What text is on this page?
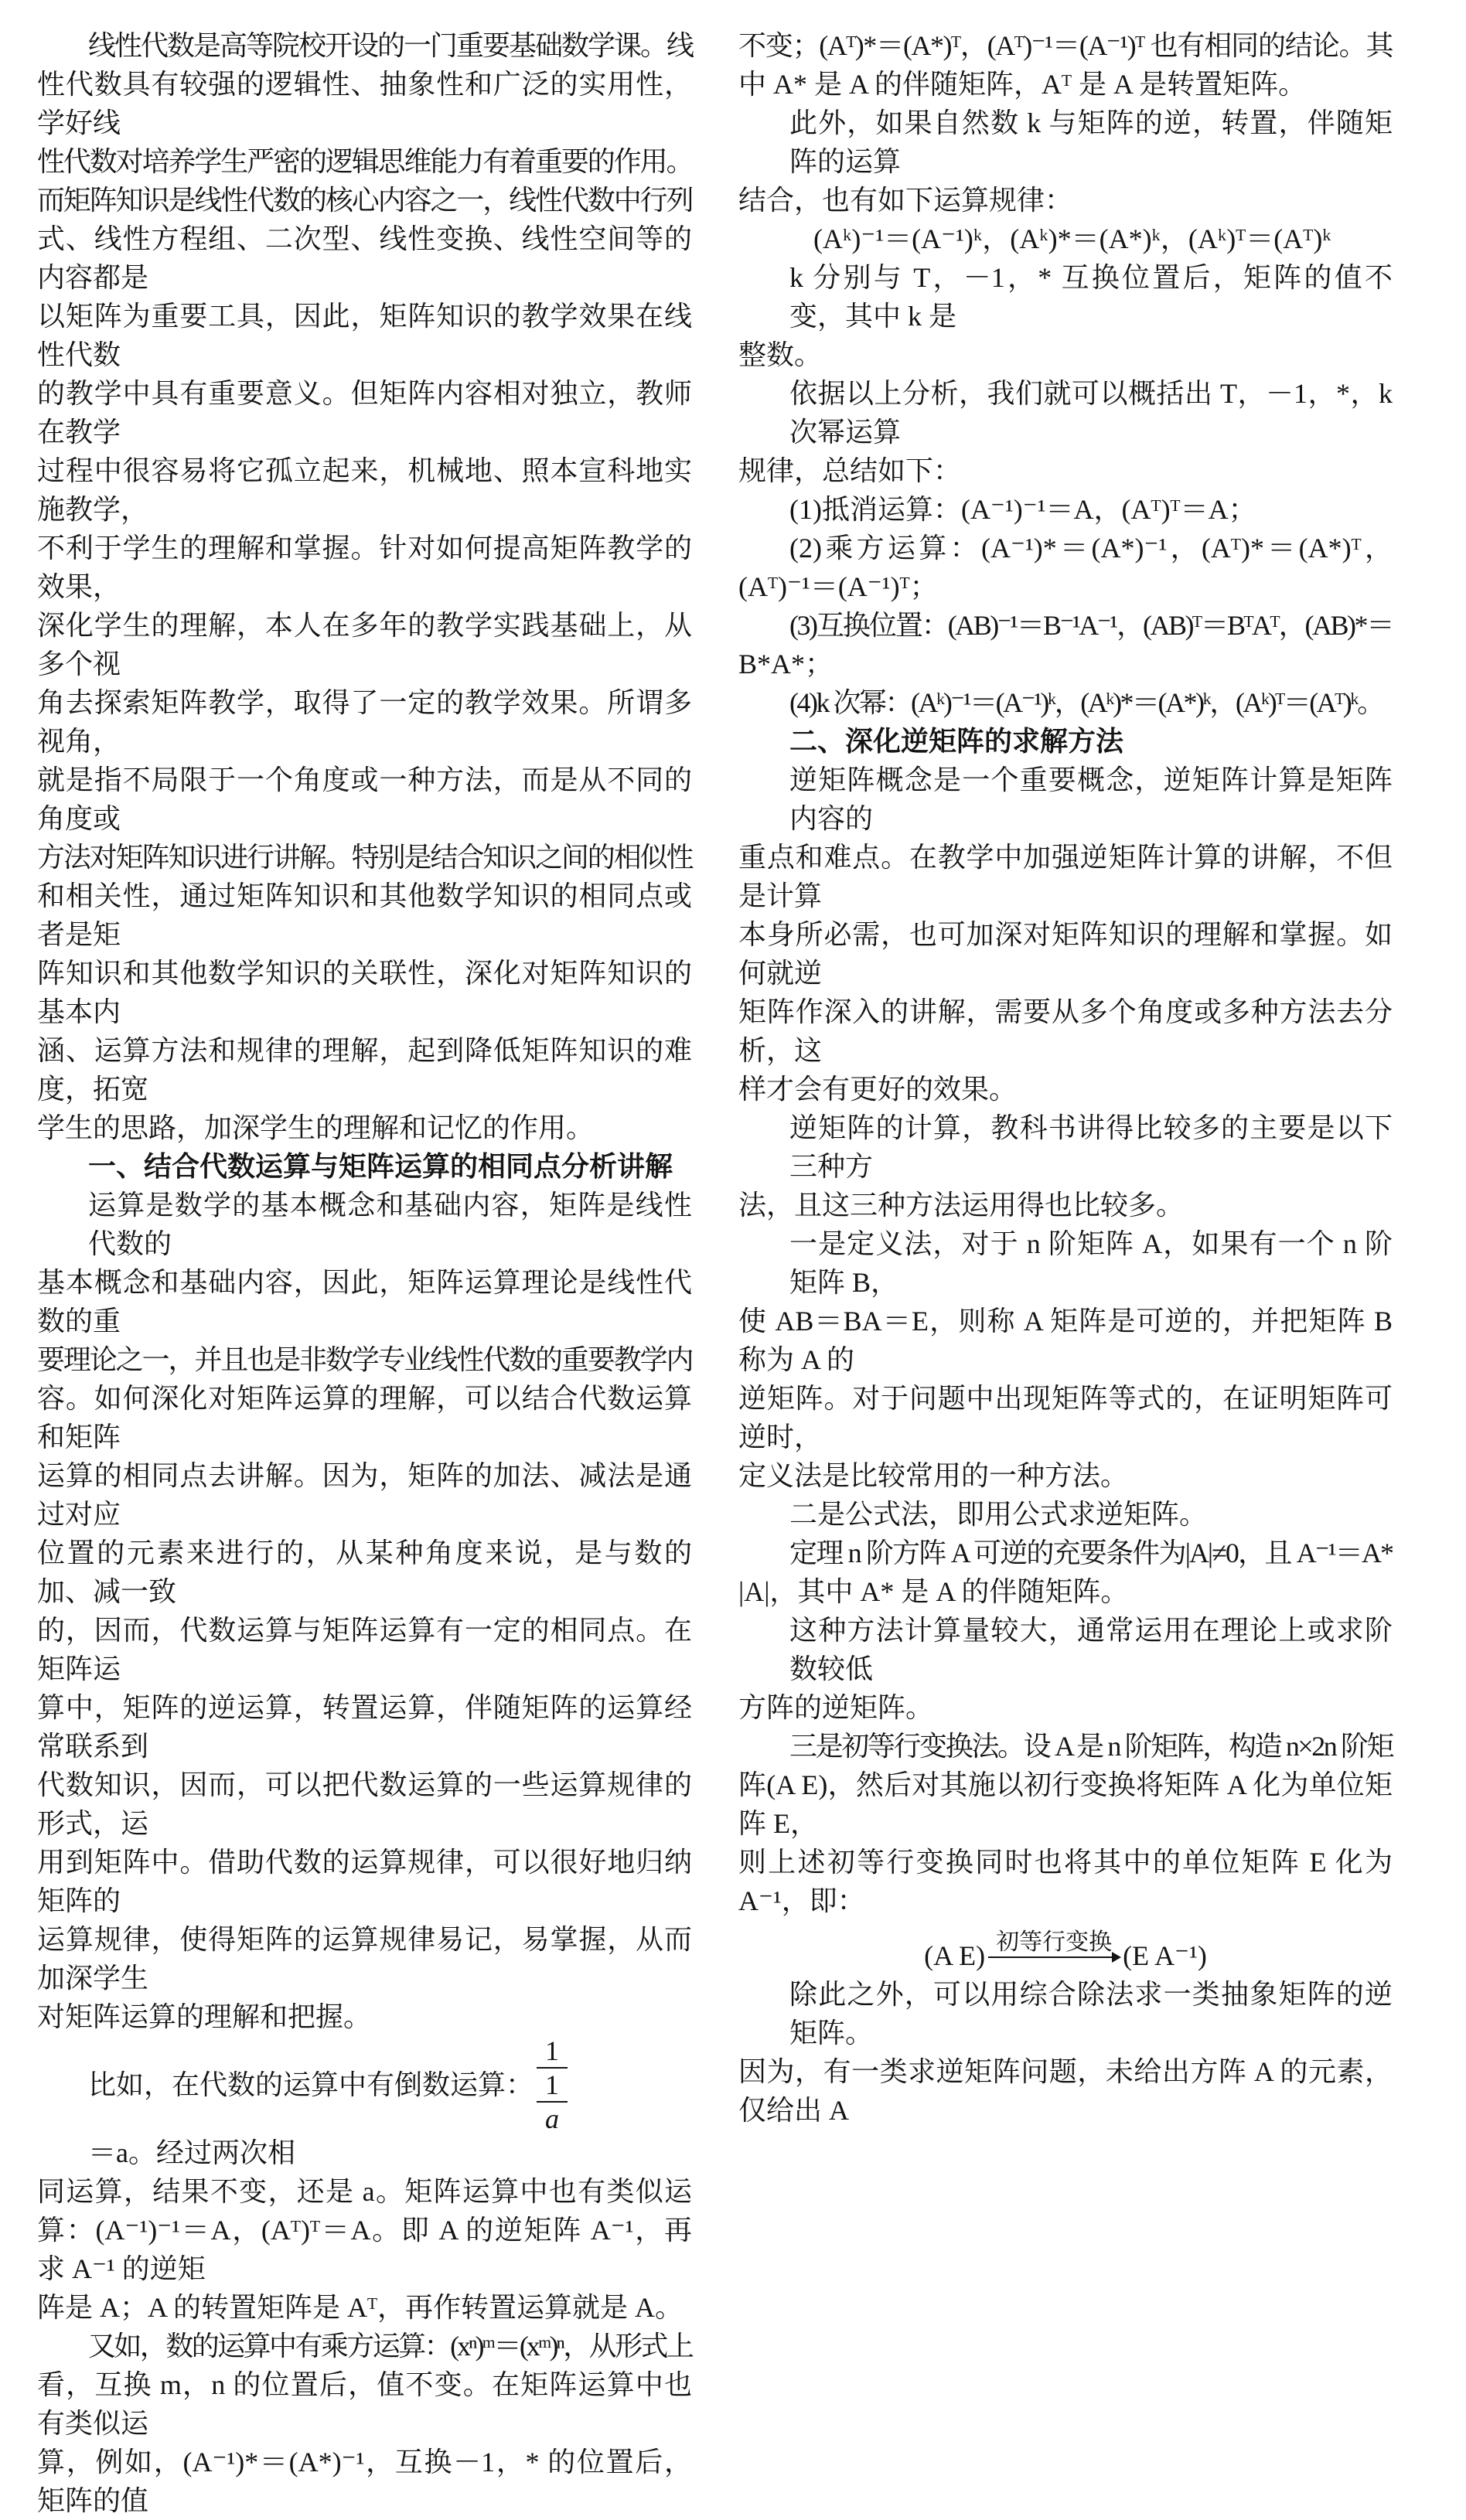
线性代数是高等院校开设的一门重要基础数学课。线
性代数具有较强的逻辑性、抽象性和广泛的实用性，学好线
性代数对培养学生严密的逻辑思维能力有着重要的作用。
而矩阵知识是线性代数的核心内容之一，线性代数中行列
式、线性方程组、二次型、线性变换、线性空间等的内容都是
以矩阵为重要工具，因此，矩阵知识的教学效果在线性代数
的教学中具有重要意义。但矩阵内容相对独立，教师在教学
过程中很容易将它孤立起来，机械地、照本宣科地实施教学，
不利于学生的理解和掌握。针对如何提高矩阵教学的效果，
深化学生的理解，本人在多年的教学实践基础上，从多个视
角去探索矩阵教学，取得了一定的教学效果。所谓多视角，
就是指不局限于一个角度或一种方法，而是从不同的角度或
方法对矩阵知识进行讲解。特别是结合知识之间的相似性
和相关性，通过矩阵知识和其他数学知识的相同点或者是矩
阵知识和其他数学知识的关联性，深化对矩阵知识的基本内
涵、运算方法和规律的理解，起到降低矩阵知识的难度，拓宽
学生的思路，加深学生的理解和记忆的作用。
一、结合代数运算与矩阵运算的相同点分析讲解
运算是数学的基本概念和基础内容，矩阵是线性代数的
基本概念和基础内容，因此，矩阵运算理论是线性代数的重
要理论之一，并且也是非数学专业线性代数的重要教学内
容。如何深化对矩阵运算的理解，可以结合代数运算和矩阵
运算的相同点去讲解。因为，矩阵的加法、减法是通过对应
位置的元素来进行的，从某种角度来说，是与数的加、减一致
的，因而，代数运算与矩阵运算有一定的相同点。在矩阵运
算中，矩阵的逆运算，转置运算，伴随矩阵的运算经常联系到
代数知识，因而，可以把代数运算的一些运算规律的形式，运
用到矩阵中。借助代数的运算规律，可以很好地归纳矩阵的
运算规律，使得矩阵的运算规律易记，易掌握，从而加深学生
对矩阵运算的理解和把握。
比如，在代数的运算中有倒数运算：
1
1
a
＝a。经过两次相
同运算，结果不变，还是 a。矩阵运算中也有类似运
算：(A⁻¹)⁻¹＝A，(Aᵀ)ᵀ＝A。即 A 的逆矩阵 A⁻¹，再求 A⁻¹ 的逆矩
阵是 A；A 的转置矩阵是 Aᵀ，再作转置运算就是 A。
又如，数的运算中有乘方运算：(xⁿ)ᵐ＝(xᵐ)ⁿ，从形式上
看，互换 m，n 的位置后，值不变。在矩阵运算中也有类似运
算，例如，(A⁻¹)*＝(A*)⁻¹，互换－1，* 的位置后，矩阵的值
不变；(Aᵀ)*＝(A*)ᵀ，(Aᵀ)⁻¹＝(A⁻¹)ᵀ 也有相同的结论。其
中 A* 是 A 的伴随矩阵，Aᵀ 是 A 是转置矩阵。
此外，如果自然数 k 与矩阵的逆，转置，伴随矩阵的运算
结合，也有如下运算规律：
(Aᵏ)⁻¹＝(A⁻¹)ᵏ，(Aᵏ)*＝(A*)ᵏ，(Aᵏ)ᵀ＝(Aᵀ)ᵏ
k 分别与 T，－1，* 互换位置后，矩阵的值不变，其中 k 是
整数。
依据以上分析，我们就可以概括出 T，－1，*，k 次幂运算
规律，总结如下：
(1)抵消运算：(A⁻¹)⁻¹＝A，(Aᵀ)ᵀ＝A；
(2)乘方运算：(A⁻¹)*＝(A*)⁻¹，(Aᵀ)*＝(A*)ᵀ，
(Aᵀ)⁻¹＝(A⁻¹)ᵀ；
(3)互换位置：(AB)⁻¹＝B⁻¹A⁻¹，(AB)ᵀ＝BᵀAᵀ，(AB)*＝
B*A*；
(4)k 次幂：(Aᵏ)⁻¹＝(A⁻¹)ᵏ，(Aᵏ)*＝(A*)ᵏ，(Aᵏ)ᵀ＝(Aᵀ)ᵏ。
二、深化逆矩阵的求解方法
逆矩阵概念是一个重要概念，逆矩阵计算是矩阵内容的
重点和难点。在教学中加强逆矩阵计算的讲解，不但是计算
本身所必需，也可加深对矩阵知识的理解和掌握。如何就逆
矩阵作深入的讲解，需要从多个角度或多种方法去分析，这
样才会有更好的效果。
逆矩阵的计算，教科书讲得比较多的主要是以下三种方
法，且这三种方法运用得也比较多。
一是定义法，对于 n 阶矩阵 A，如果有一个 n 阶矩阵 B，
使 AB＝BA＝E，则称 A 矩阵是可逆的，并把矩阵 B 称为 A 的
逆矩阵。对于问题中出现矩阵等式的，在证明矩阵可逆时，
定义法是比较常用的一种方法。
二是公式法，即用公式求逆矩阵。
定理 n 阶方阵 A 可逆的充要条件为|A|≠0，且 A⁻¹＝A*
|A|，其中 A* 是 A 的伴随矩阵。
这种方法计算量较大，通常运用在理论上或求阶数较低
方阵的逆矩阵。
三是初等行变换法。设 A 是 n 阶矩阵，构造 n×2n 阶矩
阵(A E)，然后对其施以初行变换将矩阵 A 化为单位矩阵 E，
则上述初等行变换同时也将其中的单位矩阵 E 化为 A⁻¹，即：
(A E) 初等行变换 (E A⁻¹)
除此之外，可以用综合除法求一类抽象矩阵的逆矩阵。
因为，有一类求逆矩阵问题，未给出方阵 A 的元素，仅给出 A
